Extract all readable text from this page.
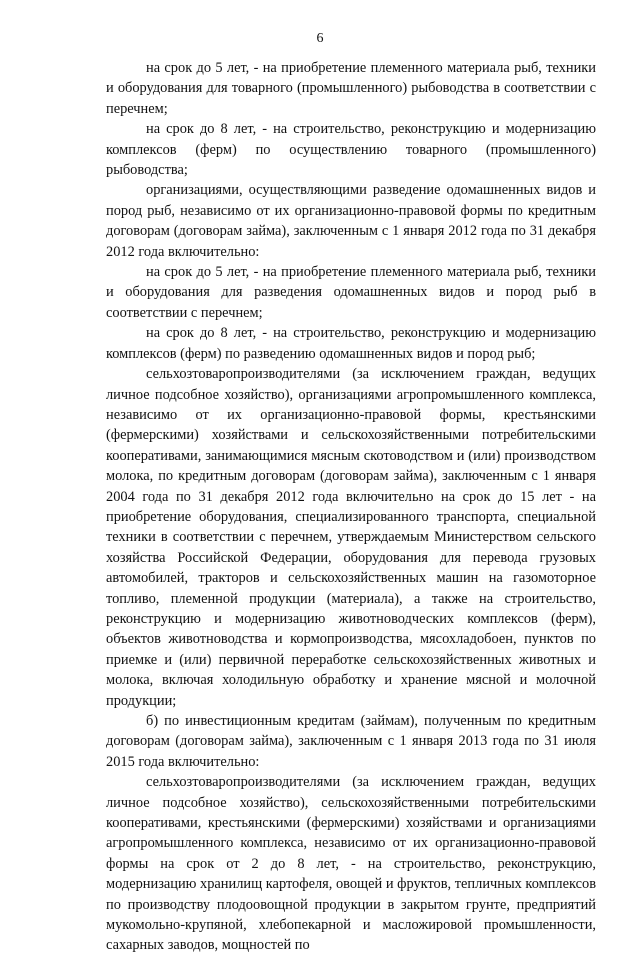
6

на срок до 5 лет, - на приобретение племенного материала рыб, техники и оборудования для товарного (промышленного) рыбоводства в соответствии с перечнем;

на срок до 8 лет, - на строительство, реконструкцию и модернизацию комплексов (ферм) по осуществлению товарного (промышленного) рыбоводства;

организациями, осуществляющими разведение одомашненных видов и пород рыб, независимо от их организационно-правовой формы по кредитным договорам (договорам займа), заключенным с 1 января 2012 года по 31 декабря 2012 года включительно:

на срок до 5 лет, - на приобретение племенного материала рыб, техники и оборудования для разведения одомашненных видов и пород рыб в соответствии с перечнем;

на срок до 8 лет, - на строительство, реконструкцию и модернизацию комплексов (ферм) по разведению одомашненных видов и пород рыб;

сельхозтоваропроизводителями (за исключением граждан, ведущих личное подсобное хозяйство), организациями агропромышленного комплекса, независимо от их организационно-правовой формы, крестьянскими (фермерскими) хозяйствами и сельскохозяйственными потребительскими кооперативами, занимающимися мясным скотоводством и (или) производством молока, по кредитным договорам (договорам займа), заключенным с 1 января 2004 года по 31 декабря 2012 года включительно на срок до 15 лет - на приобретение оборудования, специализированного транспорта, специальной техники в соответствии с перечнем, утверждаемым Министерством сельского хозяйства Российской Федерации, оборудования для перевода грузовых автомобилей, тракторов и сельскохозяйственных машин на газомоторное топливо, племенной продукции (материала), а также на строительство, реконструкцию и модернизацию животноводческих комплексов (ферм), объектов животноводства и кормопроизводства, мясохладобоен, пунктов по приемке и (или) первичной переработке сельскохозяйственных животных и молока, включая холодильную обработку и хранение мясной и молочной продукции;

б) по инвестиционным кредитам (займам), полученным по кредитным договорам (договорам займа), заключенным с 1 января 2013 года по 31 июля 2015 года включительно:

сельхозтоваропроизводителями (за исключением граждан, ведущих личное подсобное хозяйство), сельскохозяйственными потребительскими кооперативами, крестьянскими (фермерскими) хозяйствами и организациями агропромышленного комплекса, независимо от их организационно-правовой формы на срок от 2 до 8 лет, - на строительство, реконструкцию, модернизацию хранилищ картофеля, овощей и фруктов, тепличных комплексов по производству плодоовощной продукции в закрытом грунте, предприятий мукомольно-крупяной, хлебопекарной и масложировой промышленности, сахарных заводов, мощностей по
